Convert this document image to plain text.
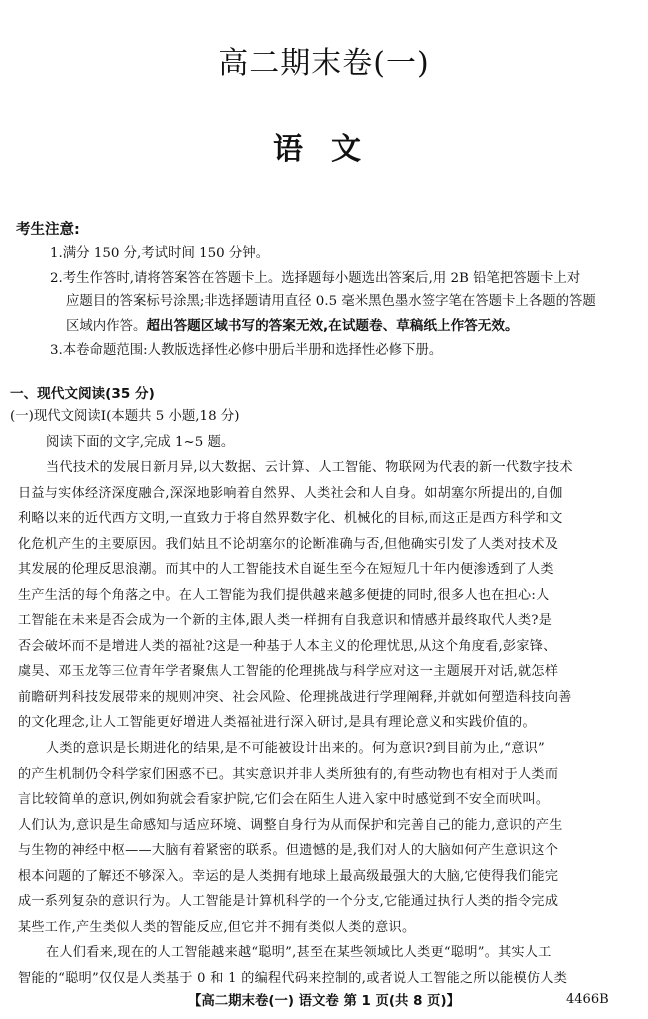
高二期末卷(一)
语文
考生注意:
1.满分 150 分,考试时间 150 分钟。
2.考生作答时,请将答案答在答题卡上。选择题每小题选出答案后,用 2B 铅笔把答题卡上对
应题目的答案标号涂黑;非选择题请用直径 0.5 毫米黑色墨水签字笔在答题卡上各题的答题
区域内作答。超出答题区域书写的答案无效,在试题卷、草稿纸上作答无效。
3.本卷命题范围:人教版选择性必修中册后半册和选择性必修下册。
一、现代文阅读(35 分)
(一)现代文阅读Ⅰ(本题共 5 小题,18 分)
阅读下面的文字,完成 1~5 题。
当代技术的发展日新月异,以大数据、云计算、人工智能、物联网为代表的新一代数字技术
日益与实体经济深度融合,深深地影响着自然界、人类社会和人自身。如胡塞尔所提出的,自伽
利略以来的近代西方文明,一直致力于将自然界数字化、机械化的目标,而这正是西方科学和文
化危机产生的主要原因。我们姑且不论胡塞尔的论断准确与否,但他确实引发了人类对技术及
其发展的伦理反思浪潮。而其中的人工智能技术自诞生至今在短短几十年内便渗透到了人类
生产生活的每个角落之中。在人工智能为我们提供越来越多便捷的同时,很多人也在担心:人
工智能在未来是否会成为一个新的主体,跟人类一样拥有自我意识和情感并最终取代人类?是
否会破坏而不是增进人类的福祉?这是一种基于人本主义的伦理忧思,从这个角度看,彭家锋、
虞昊、邓玉龙等三位青年学者聚焦人工智能的伦理挑战与科学应对这一主题展开对话,就怎样
前瞻研判科技发展带来的规则冲突、社会风险、伦理挑战进行学理阐释,并就如何塑造科技向善
的文化理念,让人工智能更好增进人类福祉进行深入研讨,是具有理论意义和实践价值的。
人类的意识是长期进化的结果,是不可能被设计出来的。何为意识?到目前为止,“意识”
的产生机制仍令科学家们困惑不已。其实意识并非人类所独有的,有些动物也有相对于人类而
言比较简单的意识,例如狗就会看家护院,它们会在陌生人进入家中时感觉到不安全而吠叫。
人们认为,意识是生命感知与适应环境、调整自身行为从而保护和完善自己的能力,意识的产生
与生物的神经中枢——大脑有着紧密的联系。但遗憾的是,我们对人的大脑如何产生意识这个
根本问题的了解还不够深入。幸运的是人类拥有地球上最高级最强大的大脑,它使得我们能完
成一系列复杂的意识行为。人工智能是计算机科学的一个分支,它能通过执行人类的指令完成
某些工作,产生类似人类的智能反应,但它并不拥有类似人类的意识。
在人们看来,现在的人工智能越来越“聪明”,甚至在某些领域比人类更“聪明”。其实人工
智能的“聪明”仅仅是人类基于 0 和 1 的编程代码来控制的,或者说人工智能之所以能模仿人类
【高二期末卷(一) 语文卷 第 1 页(共 8 页)】	4466B
